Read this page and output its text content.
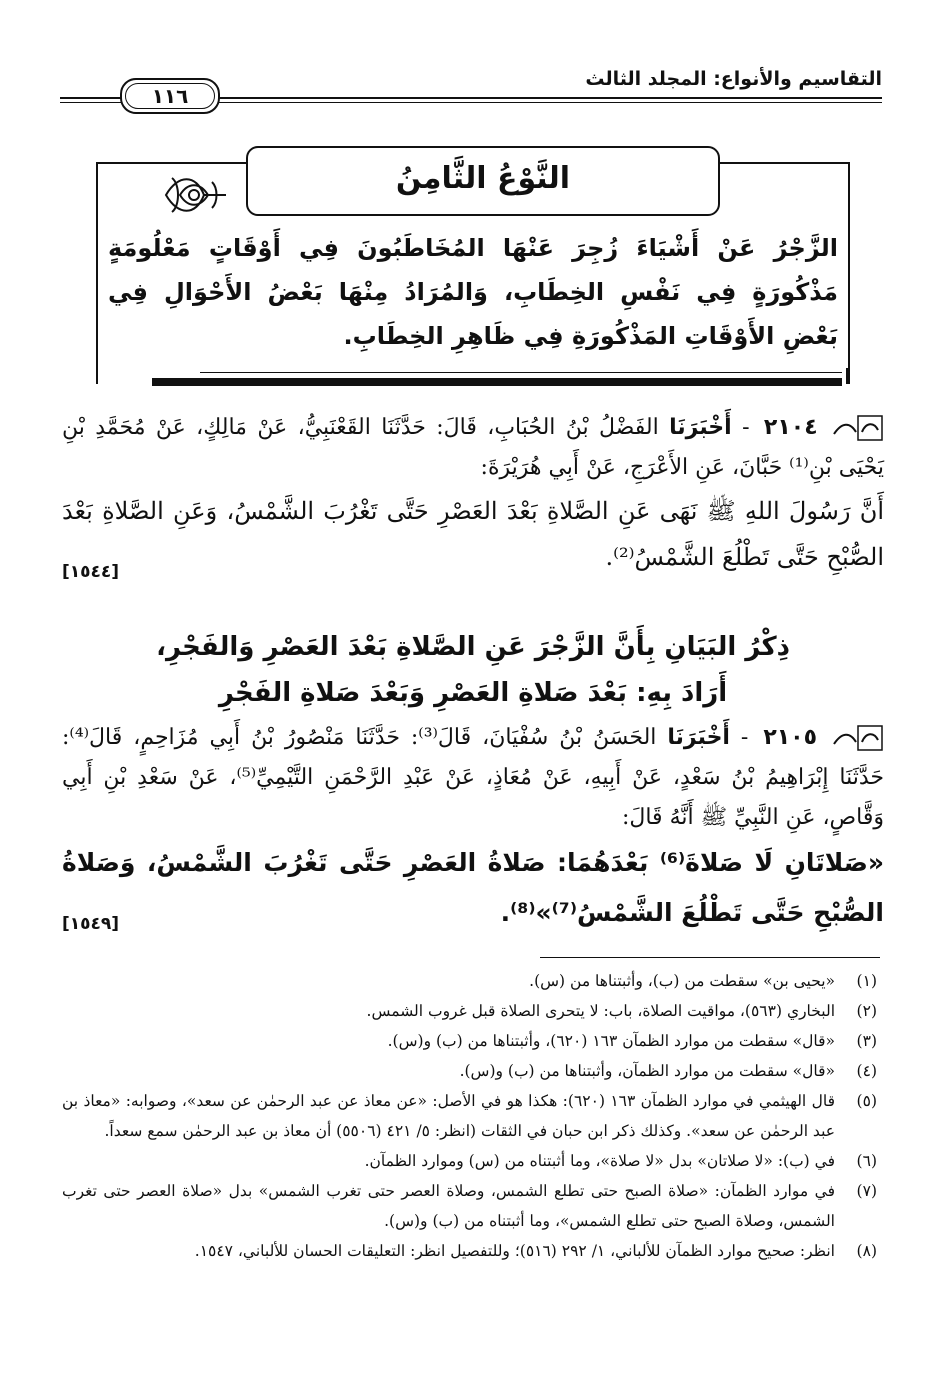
١١٦
التقاسيم والأنواع: المجلد الثالث
النَّوْعُ الثَّامِنُ
الزَّجْرُ عَنْ أَشْيَاءَ زُجِرَ عَنْهَا المُخَاطَبُونَ فِي أَوْقَاتٍ مَعْلُومَةٍ مَذْكُورَةٍ فِي نَفْسِ الخِطَابِ، وَالمُرَادُ مِنْهَا بَعْضُ الأَحْوَالِ فِي بَعْضِ الأَوْقَاتِ المَذْكُورَةِ فِي ظَاهِرِ الخِطَابِ.
٢١٠٤ - أَخْبَرَنَا الفَضْلُ بْنُ الحُبَابِ، قَالَ: حَدَّثَنَا القَعْنَبِيُّ، عَنْ مَالِكٍ، عَنْ مُحَمَّدِ بْنِ يَحْيَى بْنِ⁽¹⁾ حَبَّانَ، عَنِ الأَعْرَجِ، عَنْ أَبِي هُرَيْرَةَ:
أَنَّ رَسُولَ اللهِ ﷺ نَهَى عَنِ الصَّلاةِ بَعْدَ العَصْرِ حَتَّى تَغْرُبَ الشَّمْسُ، وَعَنِ الصَّلاةِ بَعْدَ الصُّبْحِ حَتَّى تَطْلُعَ الشَّمْسُ⁽²⁾.
[١٥٤٤]
ذِكْرُ البَيَانِ بِأَنَّ الزَّجْرَ عَنِ الصَّلاةِ بَعْدَ العَصْرِ وَالفَجْرِ،
أَرَادَ بِهِ: بَعْدَ صَلاةِ العَصْرِ وَبَعْدَ صَلاةِ الفَجْرِ
٢١٠٥ - أَخْبَرَنَا الحَسَنُ بْنُ سُفْيَانَ، قَالَ⁽³⁾: حَدَّثَنَا مَنْصُورُ بْنُ أَبِي مُزَاحِمٍ، قَالَ⁽⁴⁾: حَدَّثَنَا إِبْرَاهِيمُ بْنُ سَعْدٍ، عَنْ أَبِيهِ، عَنْ مُعَاذٍ، عَنْ عَبْدِ الرَّحْمَنِ التَّيْمِيِّ⁽⁵⁾، عَنْ سَعْدِ بْنِ أَبِي وَقَّاصٍ، عَنِ النَّبِيِّ ﷺ أَنَّهُ قَالَ:
«صَلاتَانِ لَا صَلاةَ⁽⁶⁾ بَعْدَهُمَا: صَلاةُ العَصْرِ حَتَّى تَغْرُبَ الشَّمْسُ، وَصَلاةُ الصُّبْحِ حَتَّى تَطْلُعَ الشَّمْسُ⁽⁷⁾»⁽⁸⁾.
[١٥٤٩]
(١)
«يحيى بن» سقطت من (ب)، وأثبتناها من (س).
(٢)
البخاري (٥٦٣)، مواقيت الصلاة، باب: لا يتحرى الصلاة قبل غروب الشمس.
(٣)
«قال» سقطت من موارد الظمآن ١٦٣ (٦٢٠)، وأثبتناها من (ب) و(س).
(٤)
«قال» سقطت من موارد الظمآن، وأثبتناها من (ب) و(س).
(٥)
قال الهيثمي في موارد الظمآن ١٦٣ (٦٢٠): هكذا هو في الأصل: «عن معاذ عن عبد الرحمٰن عن سعد»، وصوابه: «معاذ بن عبد الرحمٰن عن سعد». وكذلك ذكر ابن حبان في الثقات (انظر: ٥/ ٤٢١ (٥٥٠٦) أن معاذ بن عبد الرحمٰن سمع سعداً.
(٦)
في (ب): «لا صلاتان» بدل «لا صلاة»، وما أثبتناه من (س) وموارد الظمآن.
(٧)
في موارد الظمآن: «صلاة الصبح حتى تطلع الشمس، وصلاة العصر حتى تغرب الشمس» بدل «صلاة العصر حتى تغرب الشمس، وصلاة الصبح حتى تطلع الشمس»، وما أثبتناه من (ب) و(س).
(٨)
انظر: صحيح موارد الظمآن للألباني، ١/ ٢٩٢ (٥١٦)؛ وللتفصيل انظر: التعليقات الحسان للألباني، ١٥٤٧.
